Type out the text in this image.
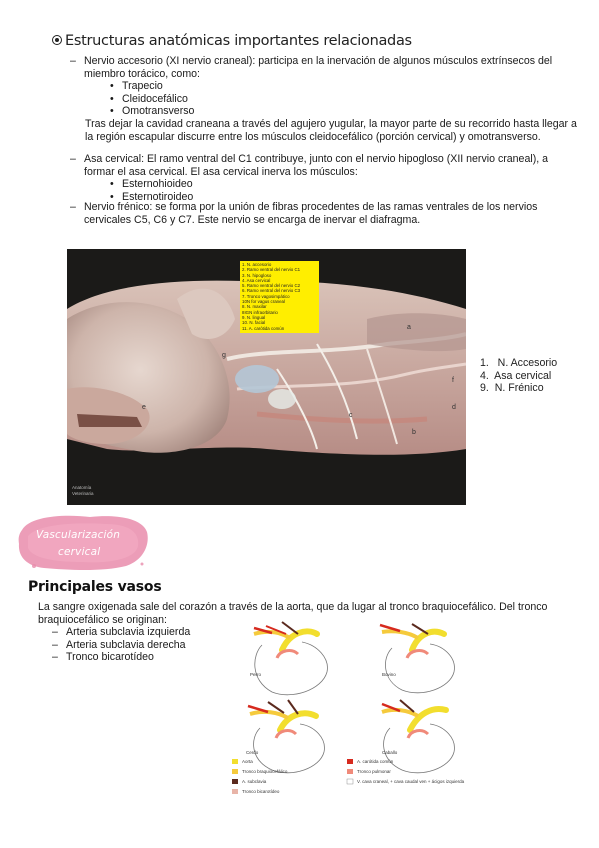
Estructuras anatómicas importantes relacionadas
– Nervio accesorio (XI nervio craneal): participa en la inervación de algunos músculos extrínsecos del miembro torácico, como:
• Trapecio
• Cleidocefálico
• Omotransverso
Tras dejar la cavidad craneana a través del agujero yugular, la mayor parte de su recorrido hasta llegar a la región escapular discurre entre los músculos cleidocefálico (porción cervical) y omotransverso.
– Asa cervical: El ramo ventral del C1 contribuye, junto con el nervio hipogloso (XII nervio craneal), a formar el asa cervical. El asa cervical inerva los músculos:
• Esternohioideo
• Esternotiroideo
– Nervio frénico: se forma por la unión de fibras procedentes de las ramas ventrales de los nervios cervicales C5, C6 y C7. Este nervio se encarga de inervar el diafragma.
a
b
c
d
e
f
g
1. N. accesorio
2. Ramo ventral del nervio C1
3. N. hipogloso
4. Asa cervical
5. Ramo ventral del nervio C2
6. Ramo ventral del nervio C3
7. Tronco vagosimpático
10N for vagus craneal
8. N. maxilar
8IGN infraorbitario
9. N. lingual
10. N. facial
11. A. carótida común
Anatomía
Veterinaria
1.   N. Accesorio
4.  Asa cervical
9.  N. Frénico
Vascularización
cervical
Principales vasos
La sangre oxigenada sale del corazón a través de la aorta, que da lugar al tronco braquiocefálico. Del tronco braquiocefálico se originan:
– Arteria subclavia izquierda
– Arteria subclavia derecha
– Tronco bicarotídeo
Perro	Bovino
Cerdo	Caballo
Aorta
Tronco braquiocefálico
A. subclavia
Tronco bicarotídeo
A. carótida común
Tronco pulmonar
V. cava craneal, + cava caudal ven + ácigos izquierda
